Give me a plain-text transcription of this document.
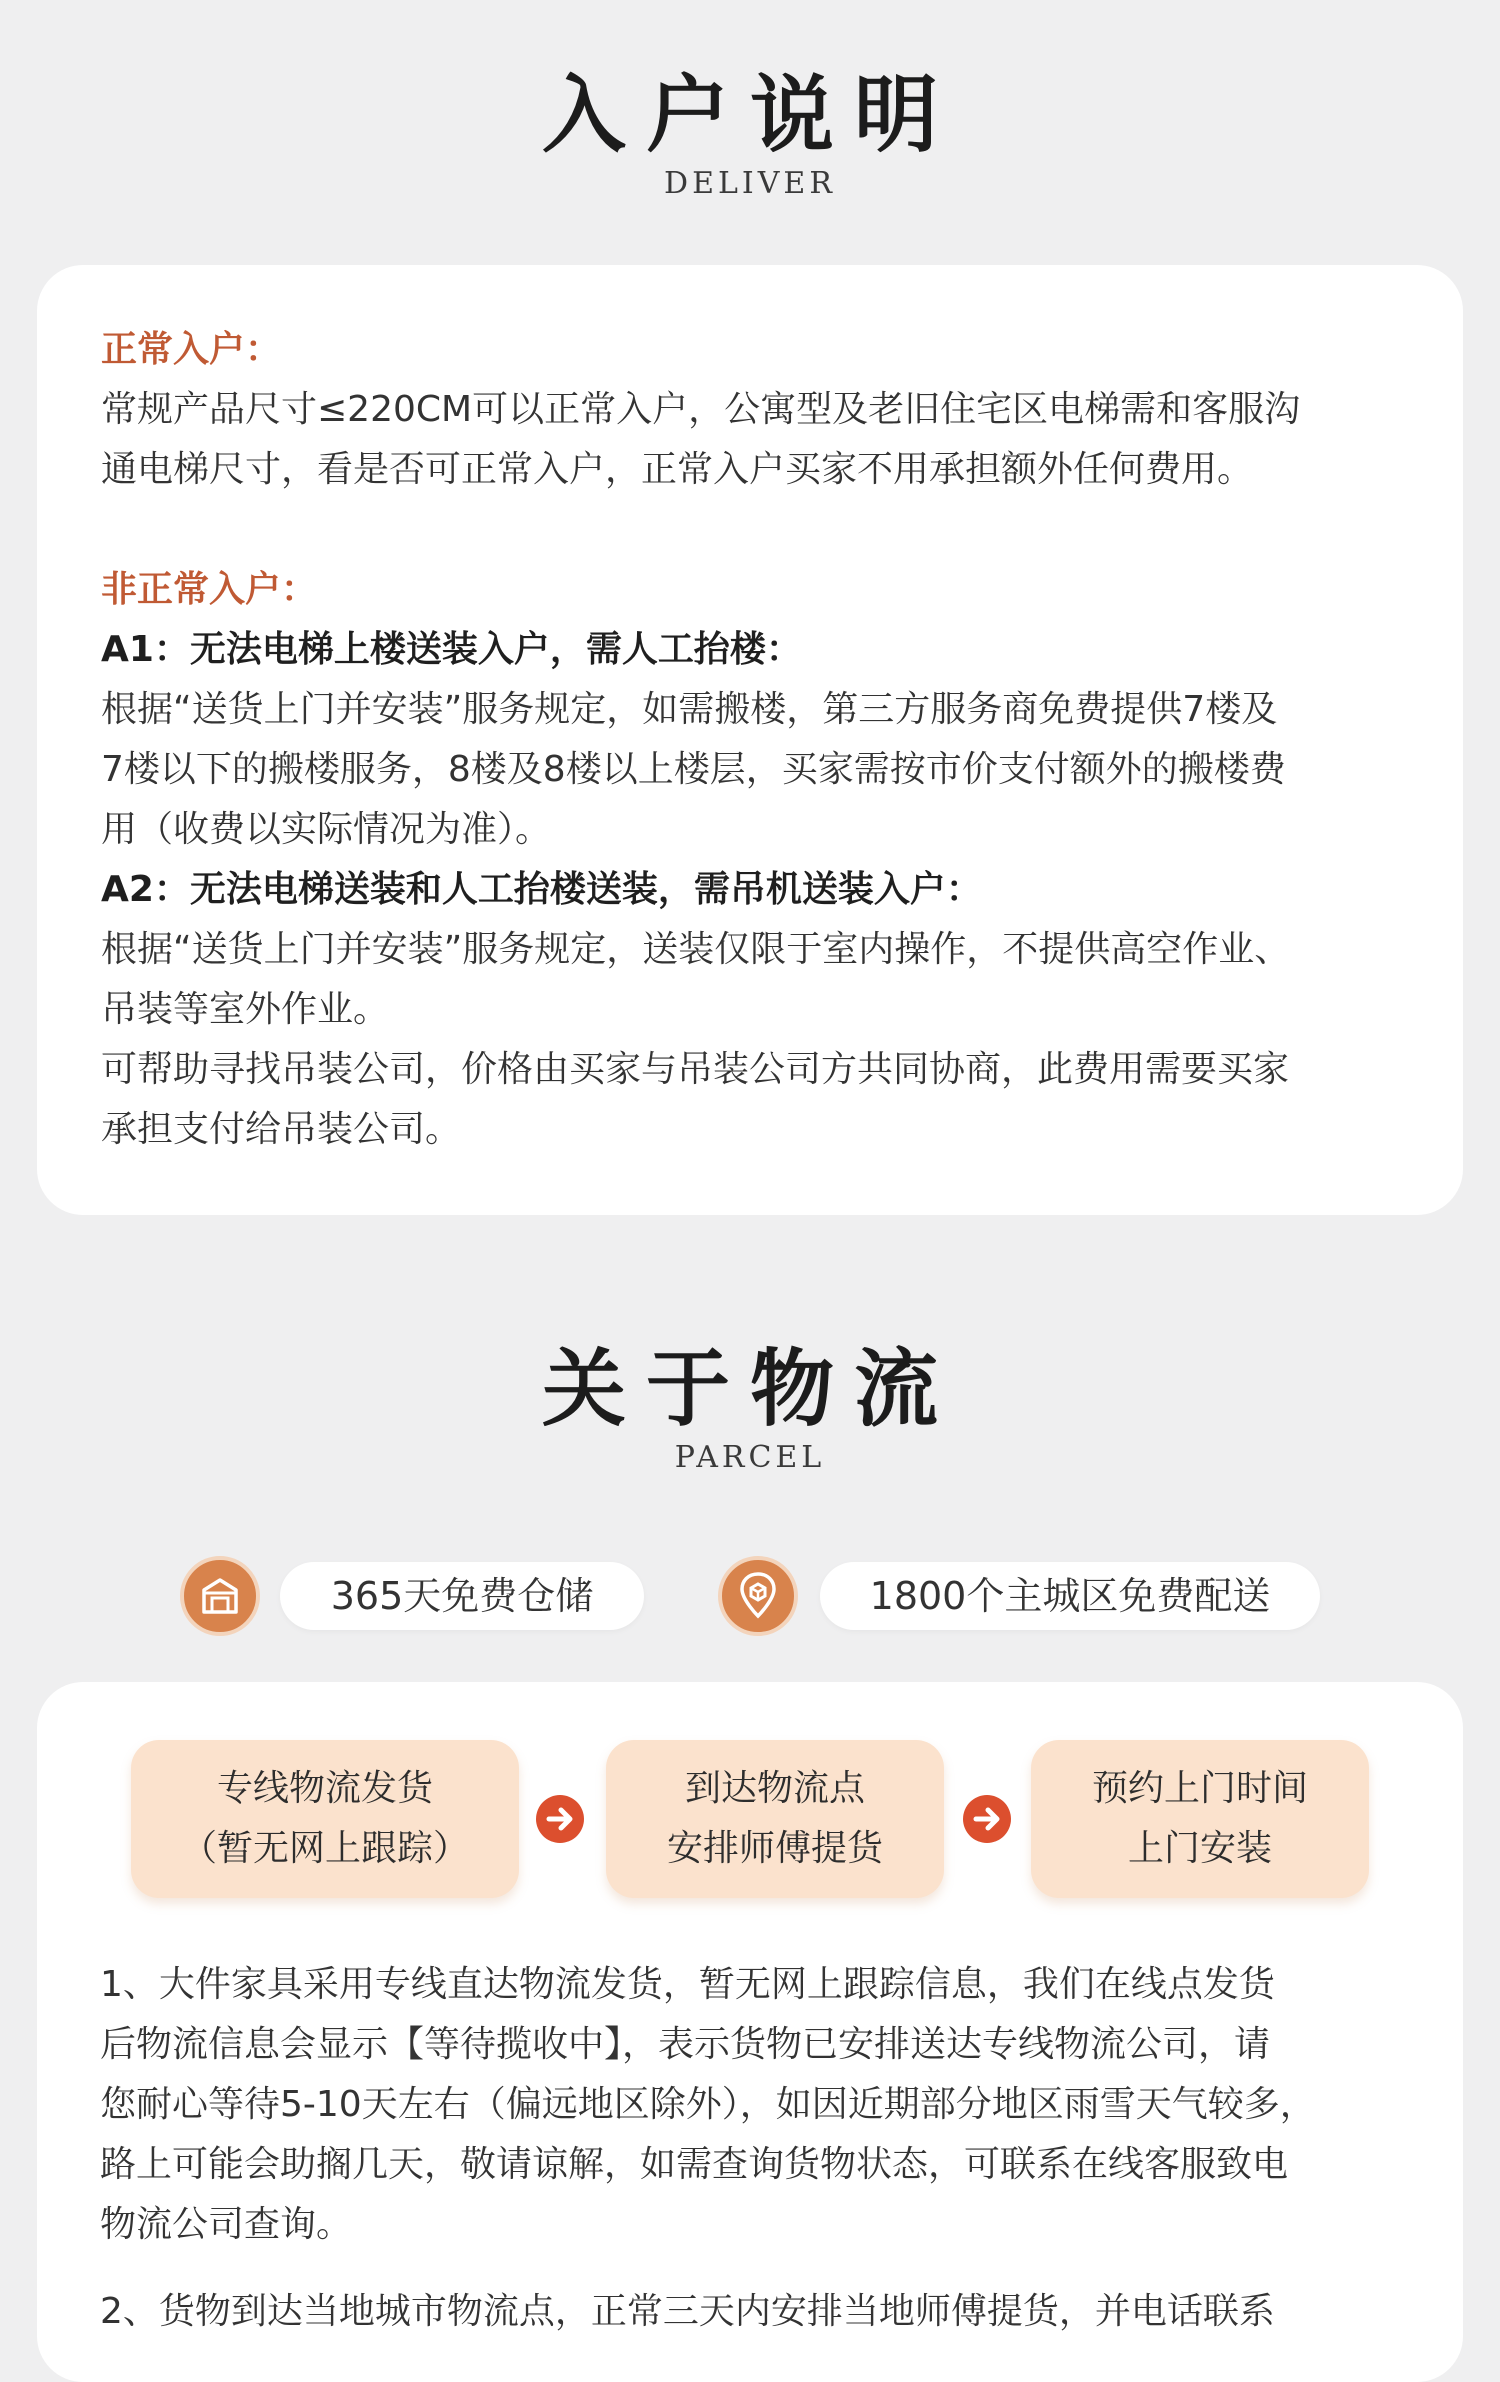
入户说明
DELIVER
正常入户：

常规产品尺寸≤220CM可以正常入户，公寓型及老旧住宅区电梯需和客服沟

通电梯尺寸，看是否可正常入户，正常入户买家不用承担额外任何费用。

非正常入户：
A1：无法电梯上楼送装入户，需人工抬楼：

根据“送货上门并安装”服务规定，如需搬楼，第三方服务商免费提供7楼及

7楼以下的搬楼服务，8楼及8楼以上楼层，买家需按市价支付额外的搬楼费

用（收费以实际情况为准）。

A2：无法电梯送装和人工抬楼送装，需吊机送装入户：

根据“送货上门并安装”服务规定，送装仅限于室内操作，不提供高空作业、

吊装等室外作业。

可帮助寻找吊装公司，价格由买家与吊装公司方共同协商，此费用需要买家

承担支付给吊装公司。

关于物流
PARCEL
365天免费仓储	1800个主城区免费配送
专线物流发货
（暂无网上跟踪）
到达物流点
安排师傅提货
预约上门时间
上门安装

1、大件家具采用专线直达物流发货，暂无网上跟踪信息，我们在线点发货

后物流信息会显示【等待揽收中】，表示货物已安排送达专线物流公司，请

您耐心等待5-10天左右（偏远地区除外），如因近期部分地区雨雪天气较多，

路上可能会助搁几天，敬请谅解，如需查询货物状态，可联系在线客服致电

物流公司查询。

2、货物到达当地城市物流点，正常三天内安排当地师傅提货，并电话联系
